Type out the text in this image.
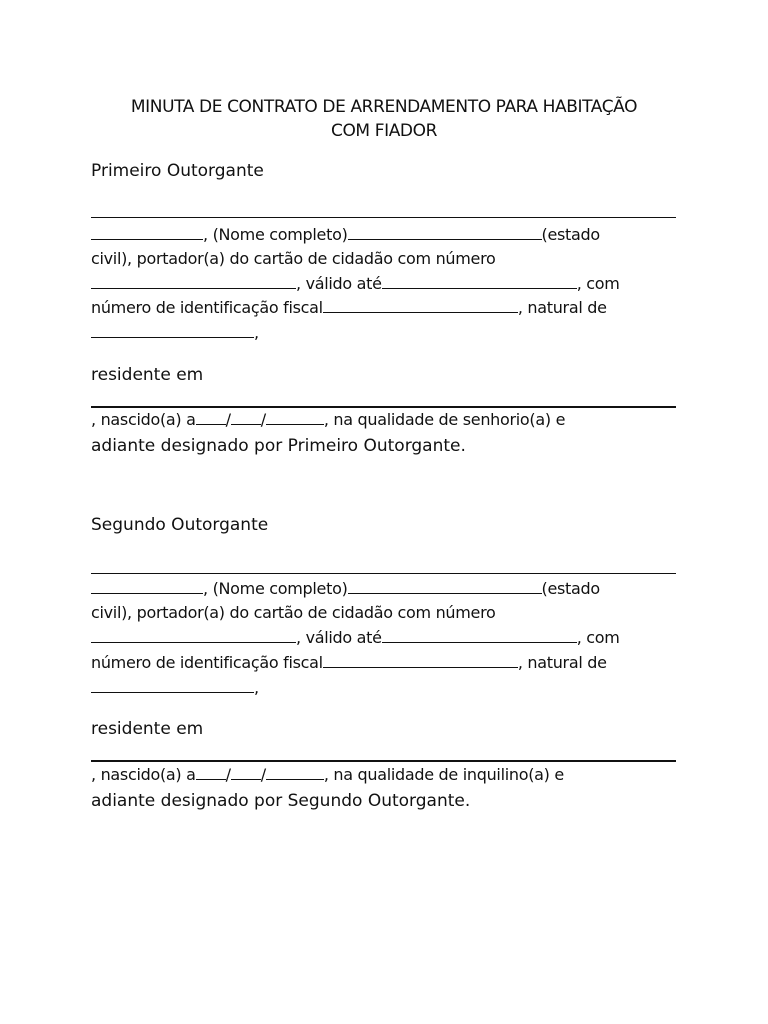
MINUTA DE CONTRATO DE ARRENDAMENTO PARA HABITAÇÃO
COM FIADOR
Primeiro Outorgante
, (Nome completo)	(estado
civil), portador(a) do cartão de cidadão com número
, válido até	, com
número de identificação fiscal	, natural de
,
residente em
, nascido(a) a / /	, na qualidade de senhorio(a) e
adiante designado por Primeiro Outorgante.
Segundo Outorgante
, (Nome completo)	(estado
civil), portador(a) do cartão de cidadão com número
, válido até	, com
número de identificação fiscal	, natural de
,
residente em
, nascido(a) a / /	, na qualidade de inquilino(a) e
adiante designado por Segundo Outorgante.
